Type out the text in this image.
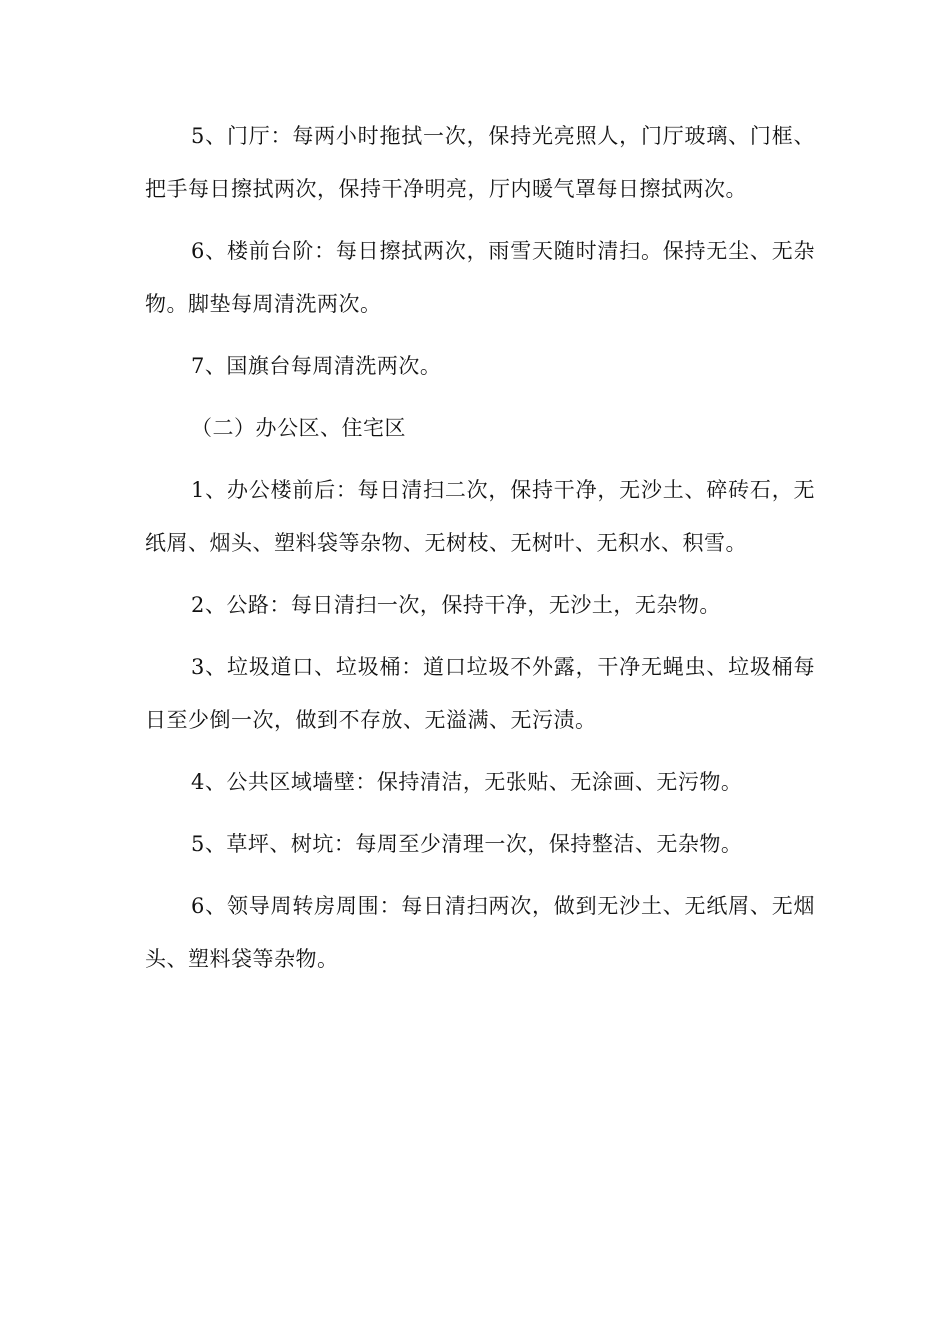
5、门厅：每两小时拖拭一次，保持光亮照人，门厅玻璃、门框、把手每日擦拭两次，保持干净明亮，厅内暖气罩每日擦拭两次。

6、楼前台阶：每日擦拭两次，雨雪天随时清扫。保持无尘、无杂物。脚垫每周清洗两次。

7、国旗台每周清洗两次。

（二）办公区、住宅区

1、办公楼前后：每日清扫二次，保持干净，无沙土、碎砖石，无纸屑、烟头、塑料袋等杂物、无树枝、无树叶、无积水、积雪。

2、公路：每日清扫一次，保持干净，无沙土，无杂物。

3、垃圾道口、垃圾桶：道口垃圾不外露，干净无蝇虫、垃圾桶每日至少倒一次，做到不存放、无溢满、无污渍。

4、公共区域墙壁：保持清洁，无张贴、无涂画、无污物。

5、草坪、树坑：每周至少清理一次，保持整洁、无杂物。

6、领导周转房周围：每日清扫两次，做到无沙土、无纸屑、无烟头、塑料袋等杂物。
